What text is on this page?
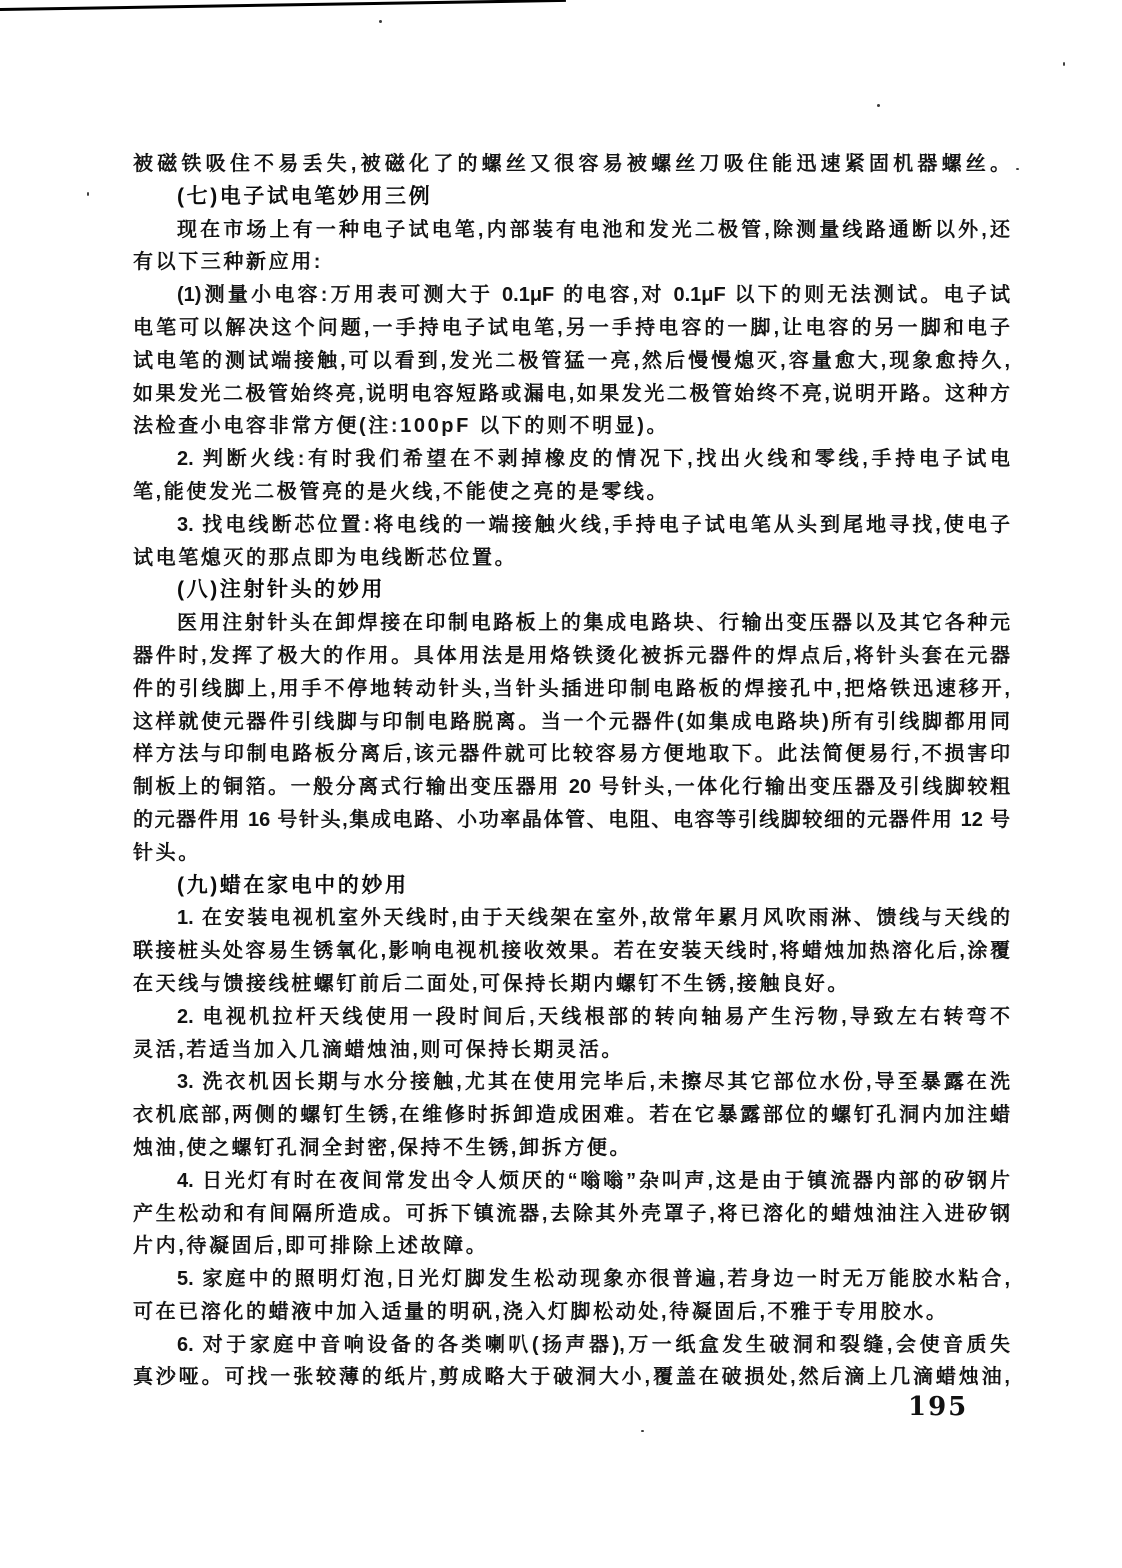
被磁铁吸住不易丢失,被磁化了的螺丝又很容易被螺丝刀吸住能迅速紧固机器螺丝。
(七)电子试电笔妙用三例
现在市场上有一种电子试电笔,内部装有电池和发光二极管,除测量线路通断以外,还
有以下三种新应用:
(1)测量小电容:万用表可测大于 0.1μF 的电容,对 0.1μF 以下的则无法测试。电子试
电笔可以解决这个问题,一手持电子试电笔,另一手持电容的一脚,让电容的另一脚和电子
试电笔的测试端接触,可以看到,发光二极管猛一亮,然后慢慢熄灭,容量愈大,现象愈持久,
如果发光二极管始终亮,说明电容短路或漏电,如果发光二极管始终不亮,说明开路。这种方
法检查小电容非常方便(注:100pF 以下的则不明显)。
2. 判断火线:有时我们希望在不剥掉橡皮的情况下,找出火线和零线,手持电子试电
笔,能使发光二极管亮的是火线,不能使之亮的是零线。
3. 找电线断芯位置:将电线的一端接触火线,手持电子试电笔从头到尾地寻找,使电子
试电笔熄灭的那点即为电线断芯位置。
(八)注射针头的妙用
医用注射针头在卸焊接在印制电路板上的集成电路块、行输出变压器以及其它各种元
器件时,发挥了极大的作用。具体用法是用烙铁烫化被拆元器件的焊点后,将针头套在元器
件的引线脚上,用手不停地转动针头,当针头插进印制电路板的焊接孔中,把烙铁迅速移开,
这样就使元器件引线脚与印制电路脱离。当一个元器件(如集成电路块)所有引线脚都用同
样方法与印制电路板分离后,该元器件就可比较容易方便地取下。此法简便易行,不损害印
制板上的铜箔。一般分离式行输出变压器用 20 号针头,一体化行输出变压器及引线脚较粗
的元器件用 16 号针头,集成电路、小功率晶体管、电阻、电容等引线脚较细的元器件用 12 号
针头。
(九)蜡在家电中的妙用
1. 在安装电视机室外天线时,由于天线架在室外,故常年累月风吹雨淋、馈线与天线的
联接桩头处容易生锈氧化,影响电视机接收效果。若在安装天线时,将蜡烛加热溶化后,涂覆
在天线与馈接线桩螺钉前后二面处,可保持长期内螺钉不生锈,接触良好。
2. 电视机拉杆天线使用一段时间后,天线根部的转向轴易产生污物,导致左右转弯不
灵活,若适当加入几滴蜡烛油,则可保持长期灵活。
3. 洗衣机因长期与水分接触,尤其在使用完毕后,未擦尽其它部位水份,导至暴露在洗
衣机底部,两侧的螺钉生锈,在维修时拆卸造成困难。若在它暴露部位的螺钉孔洞内加注蜡
烛油,使之螺钉孔洞全封密,保持不生锈,卸拆方便。
4. 日光灯有时在夜间常发出令人烦厌的“嗡嗡”杂叫声,这是由于镇流器内部的矽钢片
产生松动和有间隔所造成。可拆下镇流器,去除其外壳罩子,将已溶化的蜡烛油注入进矽钢
片内,待凝固后,即可排除上述故障。
5. 家庭中的照明灯泡,日光灯脚发生松动现象亦很普遍,若身边一时无万能胶水粘合,
可在已溶化的蜡液中加入适量的明矾,浇入灯脚松动处,待凝固后,不雅于专用胶水。
6. 对于家庭中音响设备的各类喇叭(扬声器),万一纸盒发生破洞和裂缝,会使音质失
真沙哑。可找一张较薄的纸片,剪成略大于破洞大小,覆盖在破损处,然后滴上几滴蜡烛油,
195
